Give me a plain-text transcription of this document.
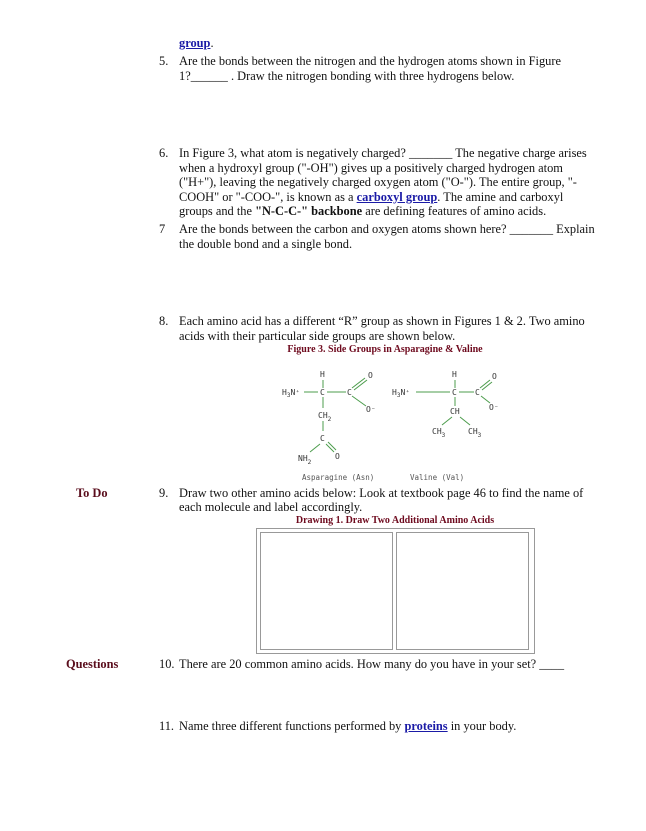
group.
5. Are the bonds between the nitrogen and the hydrogen atoms shown in Figure
1?______ . Draw the nitrogen bonding with three hydrogens below.
6. In Figure 3, what atom is negatively charged? _______ The negative charge arises
when a hydroxyl group ("-OH") gives up a positively charged hydrogen atom
("H+"), leaving the negatively charged oxygen atom ("O-"). The entire group, "-
COOH" or "-COO-", is known as a carboxyl group. The amine and carboxyl
groups and the "N-C-C-" backbone are defining features of amino acids.
7 Are the bonds between the carbon and oxygen atoms shown here? _______ Explain
the double bond and a single bond.
8. Each amino acid has a different “R” group as shown in Figures 1 & 2. Two amino
acids with their particular side groups are shown below.
Figure 3. Side Groups in Asparagine & Valine
H
$H_3N^+$ C	C
O
O⁻
$CH_2$
C
$NH_2$
O
Asparagine (Asn)
H
$H_3N^+$	C C
O
O⁻
CH
$CH_3$	$CH_3$
Valine (Val)
To Do
Questions
9. Draw two other amino acids below: Look at textbook page 46 to find the name of
each molecule and label accordingly.
Drawing 1. Draw Two Additional Amino Acids
10. There are 20 common amino acids. How many do you have in your set? ____
11. Name three different functions performed by proteins in your body.
